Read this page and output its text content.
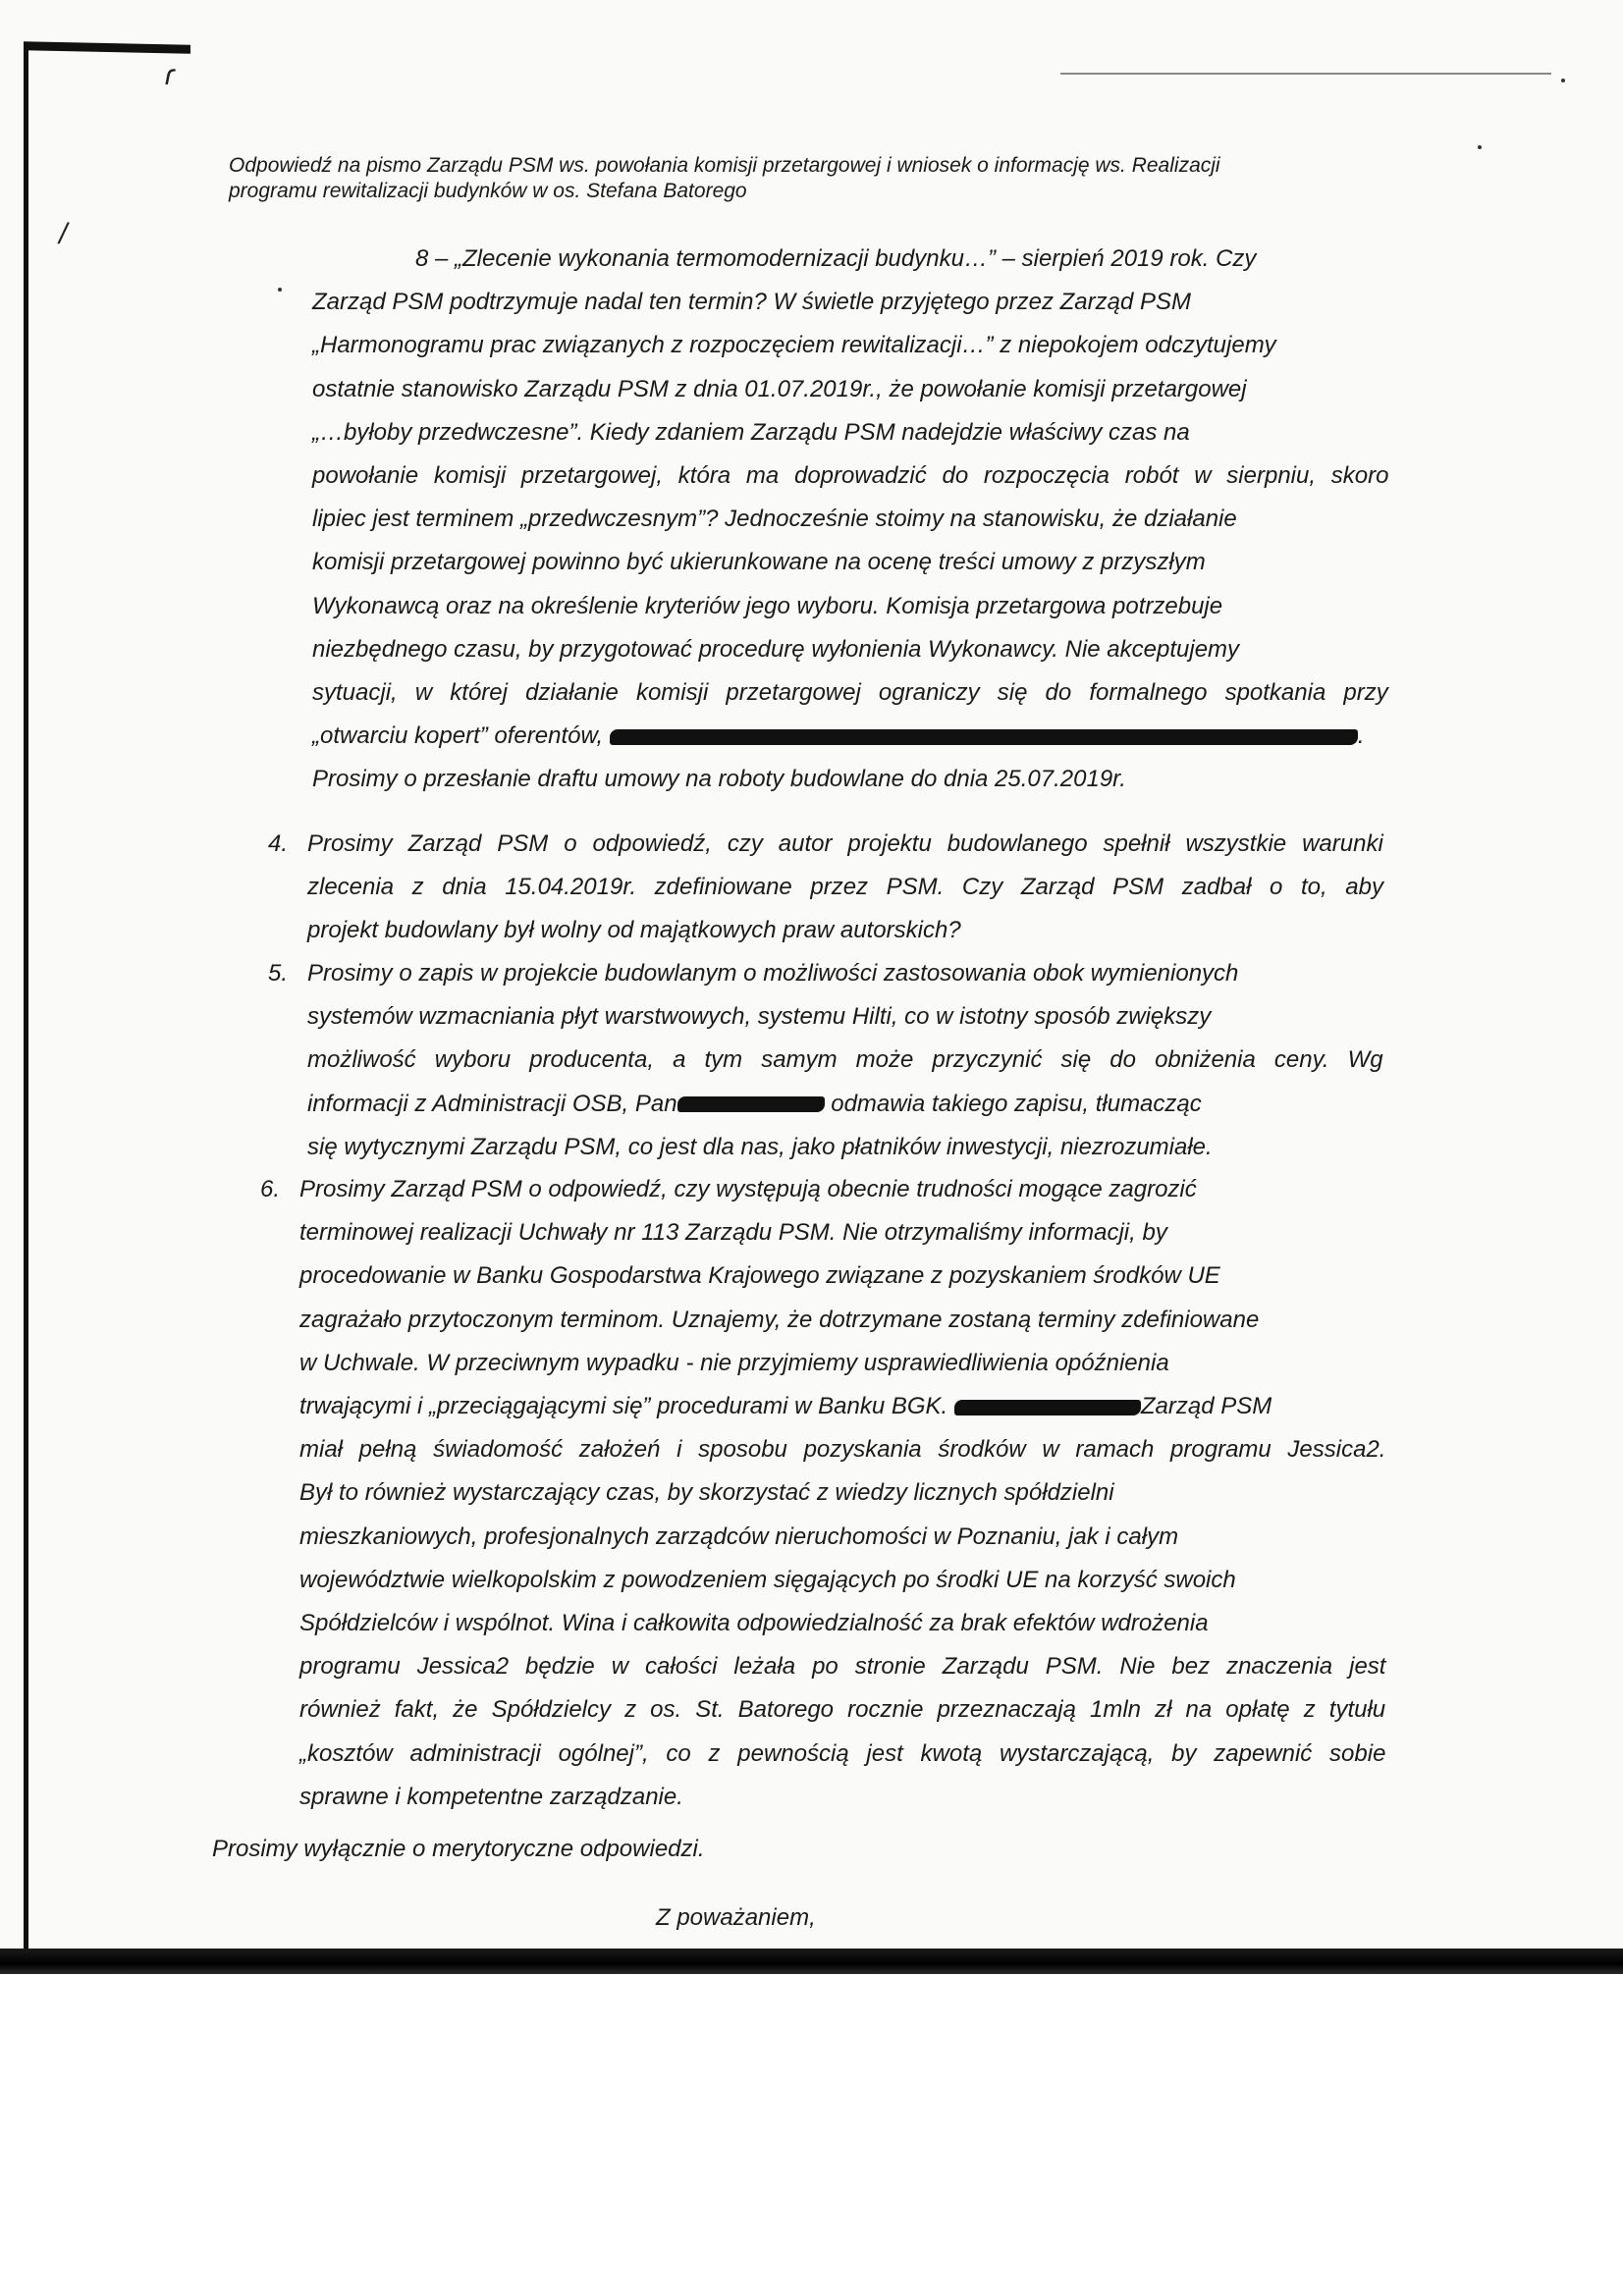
ɾ
/
Odpowiedź na pismo Zarządu PSM ws. powołania komisji przetargowej i wniosek o informację ws. Realizacji
programu rewitalizacji budynków w os. Stefana Batorego
8 – „Zlecenie wykonania termomodernizacji budynku…” – sierpień 2019 rok. Czy
Zarząd PSM podtrzymuje nadal ten termin? W świetle przyjętego przez Zarząd PSM
„Harmonogramu prac związanych z rozpoczęciem rewitalizacji…” z niepokojem odczytujemy
ostatnie stanowisko Zarządu PSM z dnia 01.07.2019r., że powołanie komisji przetargowej
„…byłoby przedwczesne”. Kiedy zdaniem Zarządu PSM nadejdzie właściwy czas na
powołanie komisji przetargowej, która ma doprowadzić do rozpoczęcia robót w sierpniu, skoro
lipiec jest terminem „przedwczesnym”? Jednocześnie stoimy na stanowisku, że działanie
komisji przetargowej powinno być ukierunkowane na ocenę treści umowy z przyszłym
Wykonawcą oraz na określenie kryteriów jego wyboru. Komisja przetargowa potrzebuje
niezbędnego czasu, by przygotować procedurę wyłonienia Wykonawcy. Nie akceptujemy
sytuacji, w której działanie komisji przetargowej ograniczy się do formalnego spotkania przy
„otwarciu kopert” oferentów,	.
Prosimy o przesłanie draftu umowy na roboty budowlane do dnia 25.07.2019r.
4. Prosimy Zarząd PSM o odpowiedź, czy autor projektu budowlanego spełnił wszystkie warunki
zlecenia z dnia 15.04.2019r. zdefiniowane przez PSM. Czy Zarząd PSM zadbał o to, aby
projekt budowlany był wolny od majątkowych praw autorskich?
5. Prosimy o zapis w projekcie budowlanym o możliwości zastosowania obok wymienionych
systemów wzmacniania płyt warstwowych, systemu Hilti, co w istotny sposób zwiększy
możliwość wyboru producenta, a tym samym może przyczynić się do obniżenia ceny. Wg
informacji z Administracji OSB, Pan	odmawia takiego zapisu, tłumacząc
się wytycznymi Zarządu PSM, co jest dla nas, jako płatników inwestycji, niezrozumiałe.
6. Prosimy Zarząd PSM o odpowiedź, czy występują obecnie trudności mogące zagrozić
terminowej realizacji Uchwały nr 113 Zarządu PSM. Nie otrzymaliśmy informacji, by
procedowanie w Banku Gospodarstwa Krajowego związane z pozyskaniem środków UE
zagrażało przytoczonym terminom. Uznajemy, że dotrzymane zostaną terminy zdefiniowane
w Uchwale. W przeciwnym wypadku - nie przyjmiemy usprawiedliwienia opóźnienia
trwającymi i „przeciągającymi się” procedurami w Banku BGK.	Zarząd PSM
miał pełną świadomość założeń i sposobu pozyskania środków w ramach programu Jessica2.
Był to również wystarczający czas, by skorzystać z wiedzy licznych spółdzielni
mieszkaniowych, profesjonalnych zarządców nieruchomości w Poznaniu, jak i całym
województwie wielkopolskim z powodzeniem sięgających po środki UE na korzyść swoich
Spółdzielców i wspólnot. Wina i całkowita odpowiedzialność za brak efektów wdrożenia
programu Jessica2 będzie w całości leżała po stronie Zarządu PSM. Nie bez znaczenia jest
również fakt, że Spółdzielcy z os. St. Batorego rocznie przeznaczają 1mln zł na opłatę z tytułu
„kosztów administracji ogólnej”, co z pewnością jest kwotą wystarczającą, by zapewnić sobie
sprawne i kompetentne zarządzanie.
Prosimy wyłącznie o merytoryczne odpowiedzi.
Z poważaniem,
